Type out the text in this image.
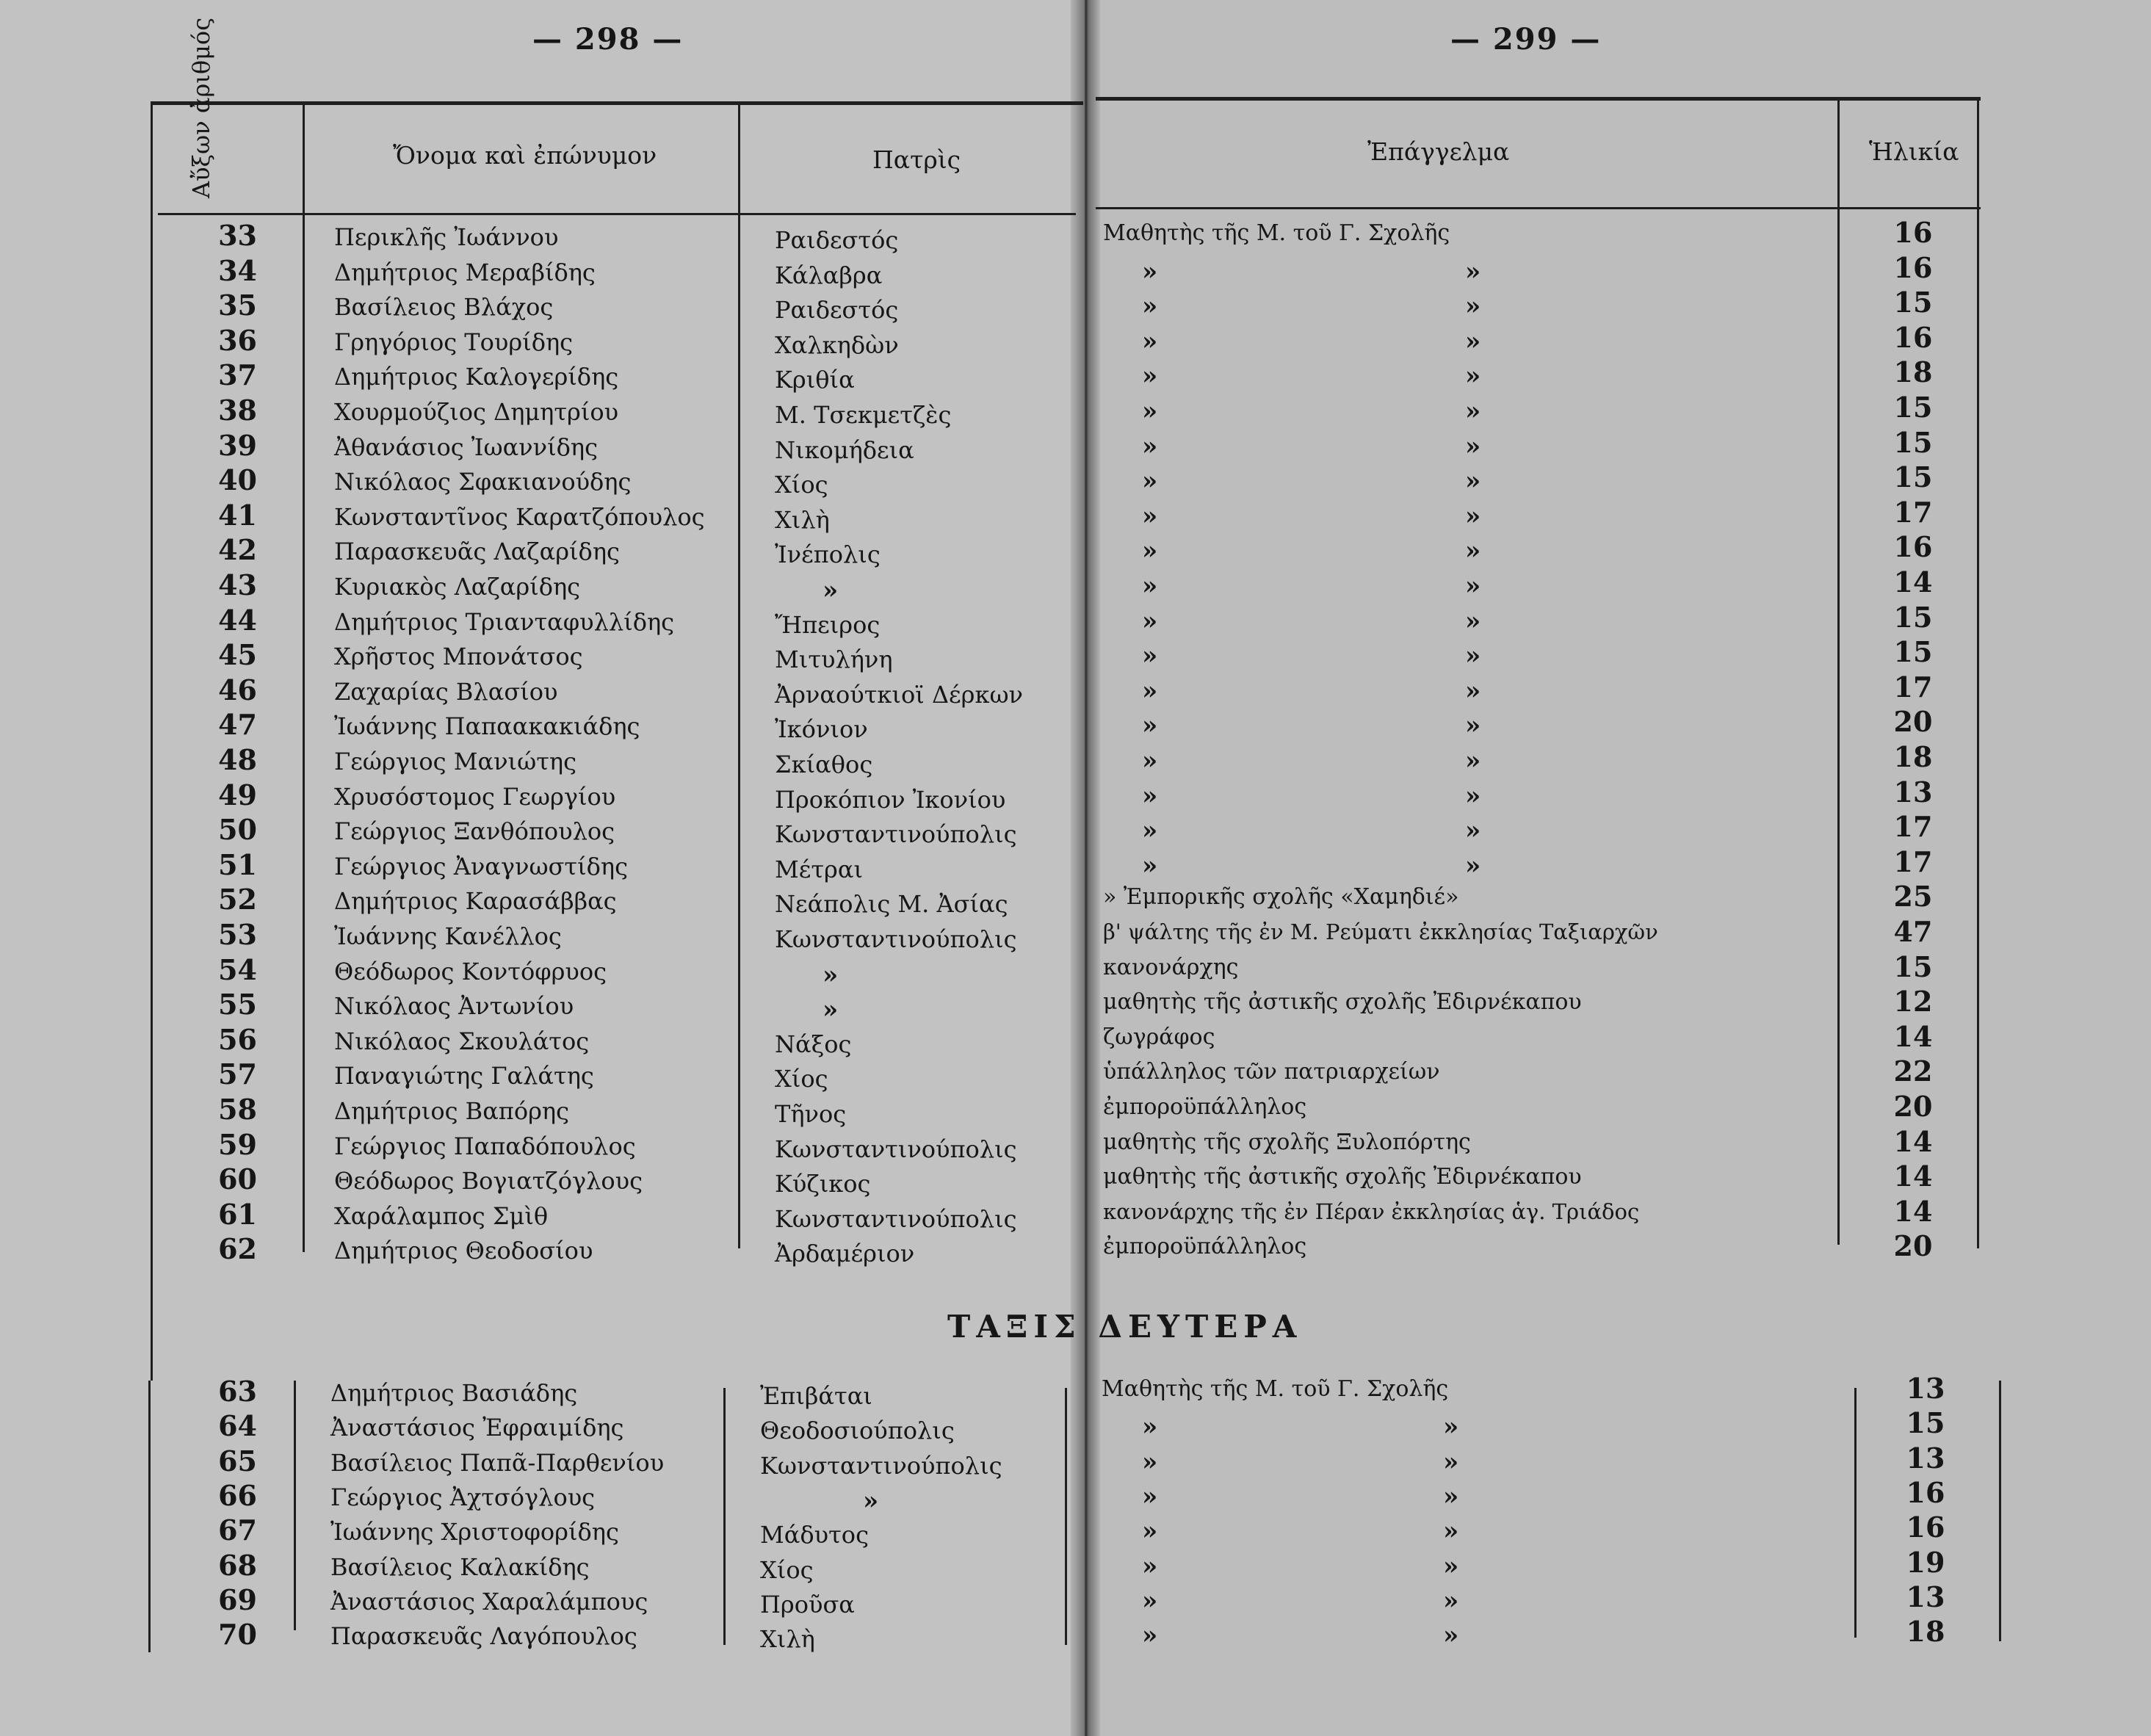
— 298 —	— 299 —
Αὔξων ἀριθμός	Ὄνομα καὶ ἐπώνυμον	Πατρὶς	Ἐπάγγελμα	Ἡλικία
ΤΑΞΙΣ ΔΕΥΤΕΡΑ
33	Περικλῆς Ἰωάννου	Ραιδεστός	Μαθητὴς τῆς Μ. τοῦ Γ. Σχολῆς	16
34	Δημήτριος Μεραβίδης	Κάλαβρα	»	»	16
35	Βασίλειος Βλάχος	Ραιδεστός	»	»	15
36	Γρηγόριος Τουρίδης	Χαλκηδὼν	»	»	16
37	Δημήτριος Καλογερίδης	Κριθία	»	»	18
38	Χουρμούζιος Δημητρίου	Μ. Τσεκμετζὲς	»	»	15
39	Ἀθανάσιος Ἰωαννίδης	Νικομήδεια	»	»	15
40	Νικόλαος Σφακιανούδης	Χίος	»	»	15
41	Κωνσταντῖνος Καρατζόπουλος	Χιλὴ	»	»	17
42	Παρασκευᾶς Λαζαρίδης	Ἰνέπολις	»	»	16
43	Κυριακὸς Λαζαρίδης	»	»	»	14
44	Δημήτριος Τριανταφυλλίδης	Ἤπειρος	»	»	15
45	Χρῆστος Μπονάτσος	Μιτυλήνη	»	»	15
46	Ζαχαρίας Βλασίου	Ἀρναούτκιοϊ Δέρκων	»	»	17
47	Ἰωάννης Παπαακακιάδης	Ἰκόνιον	»	»	20
48	Γεώργιος Μανιώτης	Σκίαθος	»	»	18
49	Χρυσόστομος Γεωργίου	Προκόπιον Ἰκονίου	»	»	13
50	Γεώργιος Ξανθόπουλος	Κωνσταντινούπολις	»	»	17
51	Γεώργιος Ἀναγνωστίδης	Μέτραι	»	»	17
52	Δημήτριος Καρασάββας	Νεάπολις Μ. Ἀσίας	» Ἐμπορικῆς σχολῆς «Χαμηδιέ»	25
53	Ἰωάννης Κανέλλος	Κωνσταντινούπολις	β' ψάλτης τῆς ἐν Μ. Ρεύματι ἐκκλησίας Ταξιαρχῶν	47
54	Θεόδωρος Κοντόφρυος	»	κανονάρχης	15
55	Νικόλαος Ἀντωνίου	»	μαθητὴς τῆς ἀστικῆς σχολῆς Ἐδιρνέκαπου	12
56	Νικόλαος Σκουλάτος	Νάξος	ζωγράφος	14
57	Παναγιώτης Γαλάτης	Χίος	ὑπάλληλος τῶν πατριαρχείων	22
58	Δημήτριος Βαπόρης	Τῆνος	ἐμποροϋπάλληλος	20
59	Γεώργιος Παπαδόπουλος	Κωνσταντινούπολις	μαθητὴς τῆς σχολῆς Ξυλοπόρτης	14
60	Θεόδωρος Βογιατζόγλους	Κύζικος	μαθητὴς τῆς ἀστικῆς σχολῆς Ἐδιρνέκαπου	14
61	Χαράλαμπος Σμὶθ	Κωνσταντινούπολις	κανονάρχης τῆς ἐν Πέραν ἐκκλησίας ἁγ. Τριάδος	14
62	Δημήτριος Θεοδοσίου	Ἀρδαμέριον	ἐμποροϋπάλληλος	20
63	Δημήτριος Βασιάδης	Ἐπιβάται	Μαθητὴς τῆς Μ. τοῦ Γ. Σχολῆς	13
64	Ἀναστάσιος Ἐφραιμίδης	Θεοδοσιούπολις	»	»	15
65	Βασίλειος Παπᾶ-Παρθενίου	Κωνσταντινούπολις	»	»	13
66	Γεώργιος Ἀχτσόγλους	»	»	»	16
67	Ἰωάννης Χριστοφορίδης	Μάδυτος	»	»	16
68	Βασίλειος Καλακίδης	Χίος	»	»	19
69	Ἀναστάσιος Χαραλάμπους	Προῦσα	»	»	13
70	Παρασκευᾶς Λαγόπουλος	Χιλὴ	»	»	18
